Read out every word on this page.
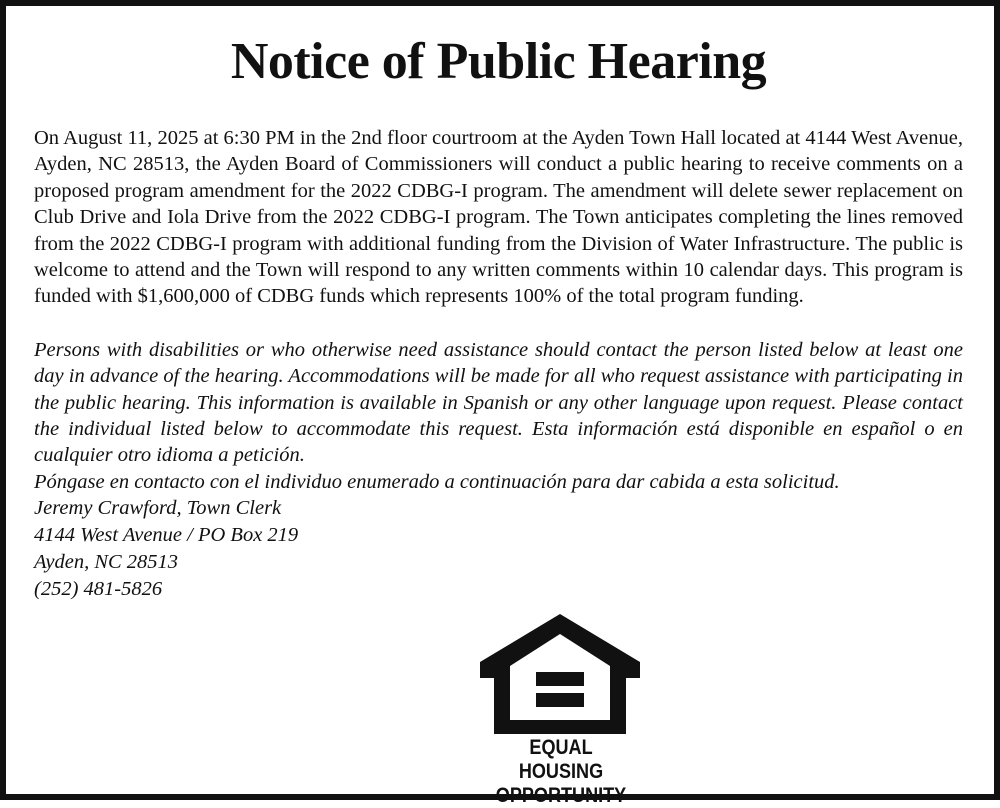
Notice of Public Hearing

On August 11, 2025 at 6:30 PM in the 2nd floor courtroom at the Ayden Town Hall located at 4144 West Avenue, Ayden, NC 28513, the Ayden Board of Commissioners will conduct a public hearing to receive comments on a proposed program amendment for the 2022 CDBG-I program. The amendment will delete sewer replacement on Club Drive and Iola Drive from the 2022 CDBG-I program. The Town anticipates completing the lines removed from the 2022 CDBG-I program with additional funding from the Division of Water Infrastructure. The public is welcome to attend and the Town will respond to any written comments within 10 calendar days. This program is funded with $1,600,000 of CDBG funds which represents 100% of the total program funding.

Persons with disabilities or who otherwise need assistance should contact the person listed below at least one day in advance of the hearing. Accommodations will be made for all who request assistance with participating in the public hearing. This information is available in Spanish or any other language upon request. Please contact the individual listed below to accommodate this request. Esta información está disponible en español o en cualquier otro idioma a petición.
Póngase en contacto con el individuo enumerado a continuación para dar cabida a esta solicitud.

Jeremy Crawford, Town Clerk
4144 West Avenue / PO Box 219
Ayden, NC 28513
(252) 481-5826
EQUAL HOUSING
OPPORTUNITY
